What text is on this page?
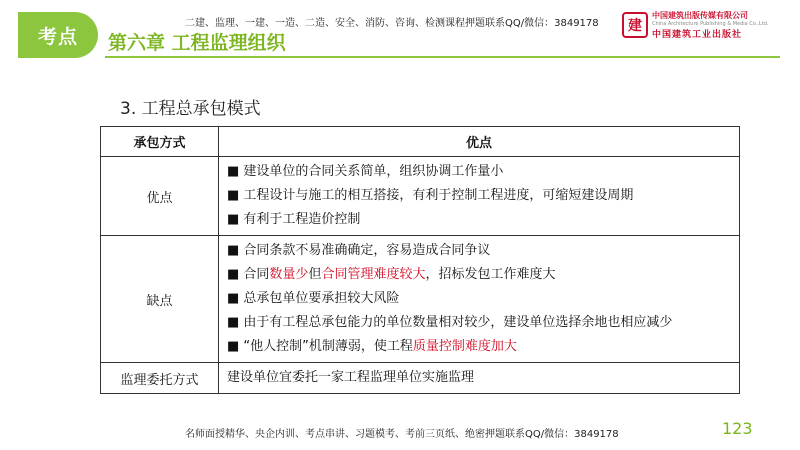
考点 第六章 工程监理组织
二建、监理、一建、一造、二造、安全、消防、咨询、检测课程押题联系QQ/微信：3849178	建
中国建筑出版传媒有限公司
China Architecture Publishing & Media Co.,Ltd.
中国建筑工业出版社
3. 工程总承包模式
承包方式	优点
优点	■ 建设单位的合同关系简单，组织协调工作量小
■ 工程设计与施工的相互搭接，有利于控制工程进度，可缩短建设周期
■ 有利于工程造价控制

缺点	■ 合同条款不易准确确定，容易造成合同争议
■ 合同数量少但合同管理难度较大，招标发包工作难度大
■ 总承包单位要承担较大风险
■ 由于有工程总承包能力的单位数量相对较少，建设单位选择余地也相应减少
■ “他人控制”机制薄弱，使工程质量控制难度加大

监理委托方式	建设单位宜委托一家工程监理单位实施监理
名师面授精华、央企内训、考点串讲、习题模考、考前三页纸、绝密押题联系QQ/微信：3849178	123
